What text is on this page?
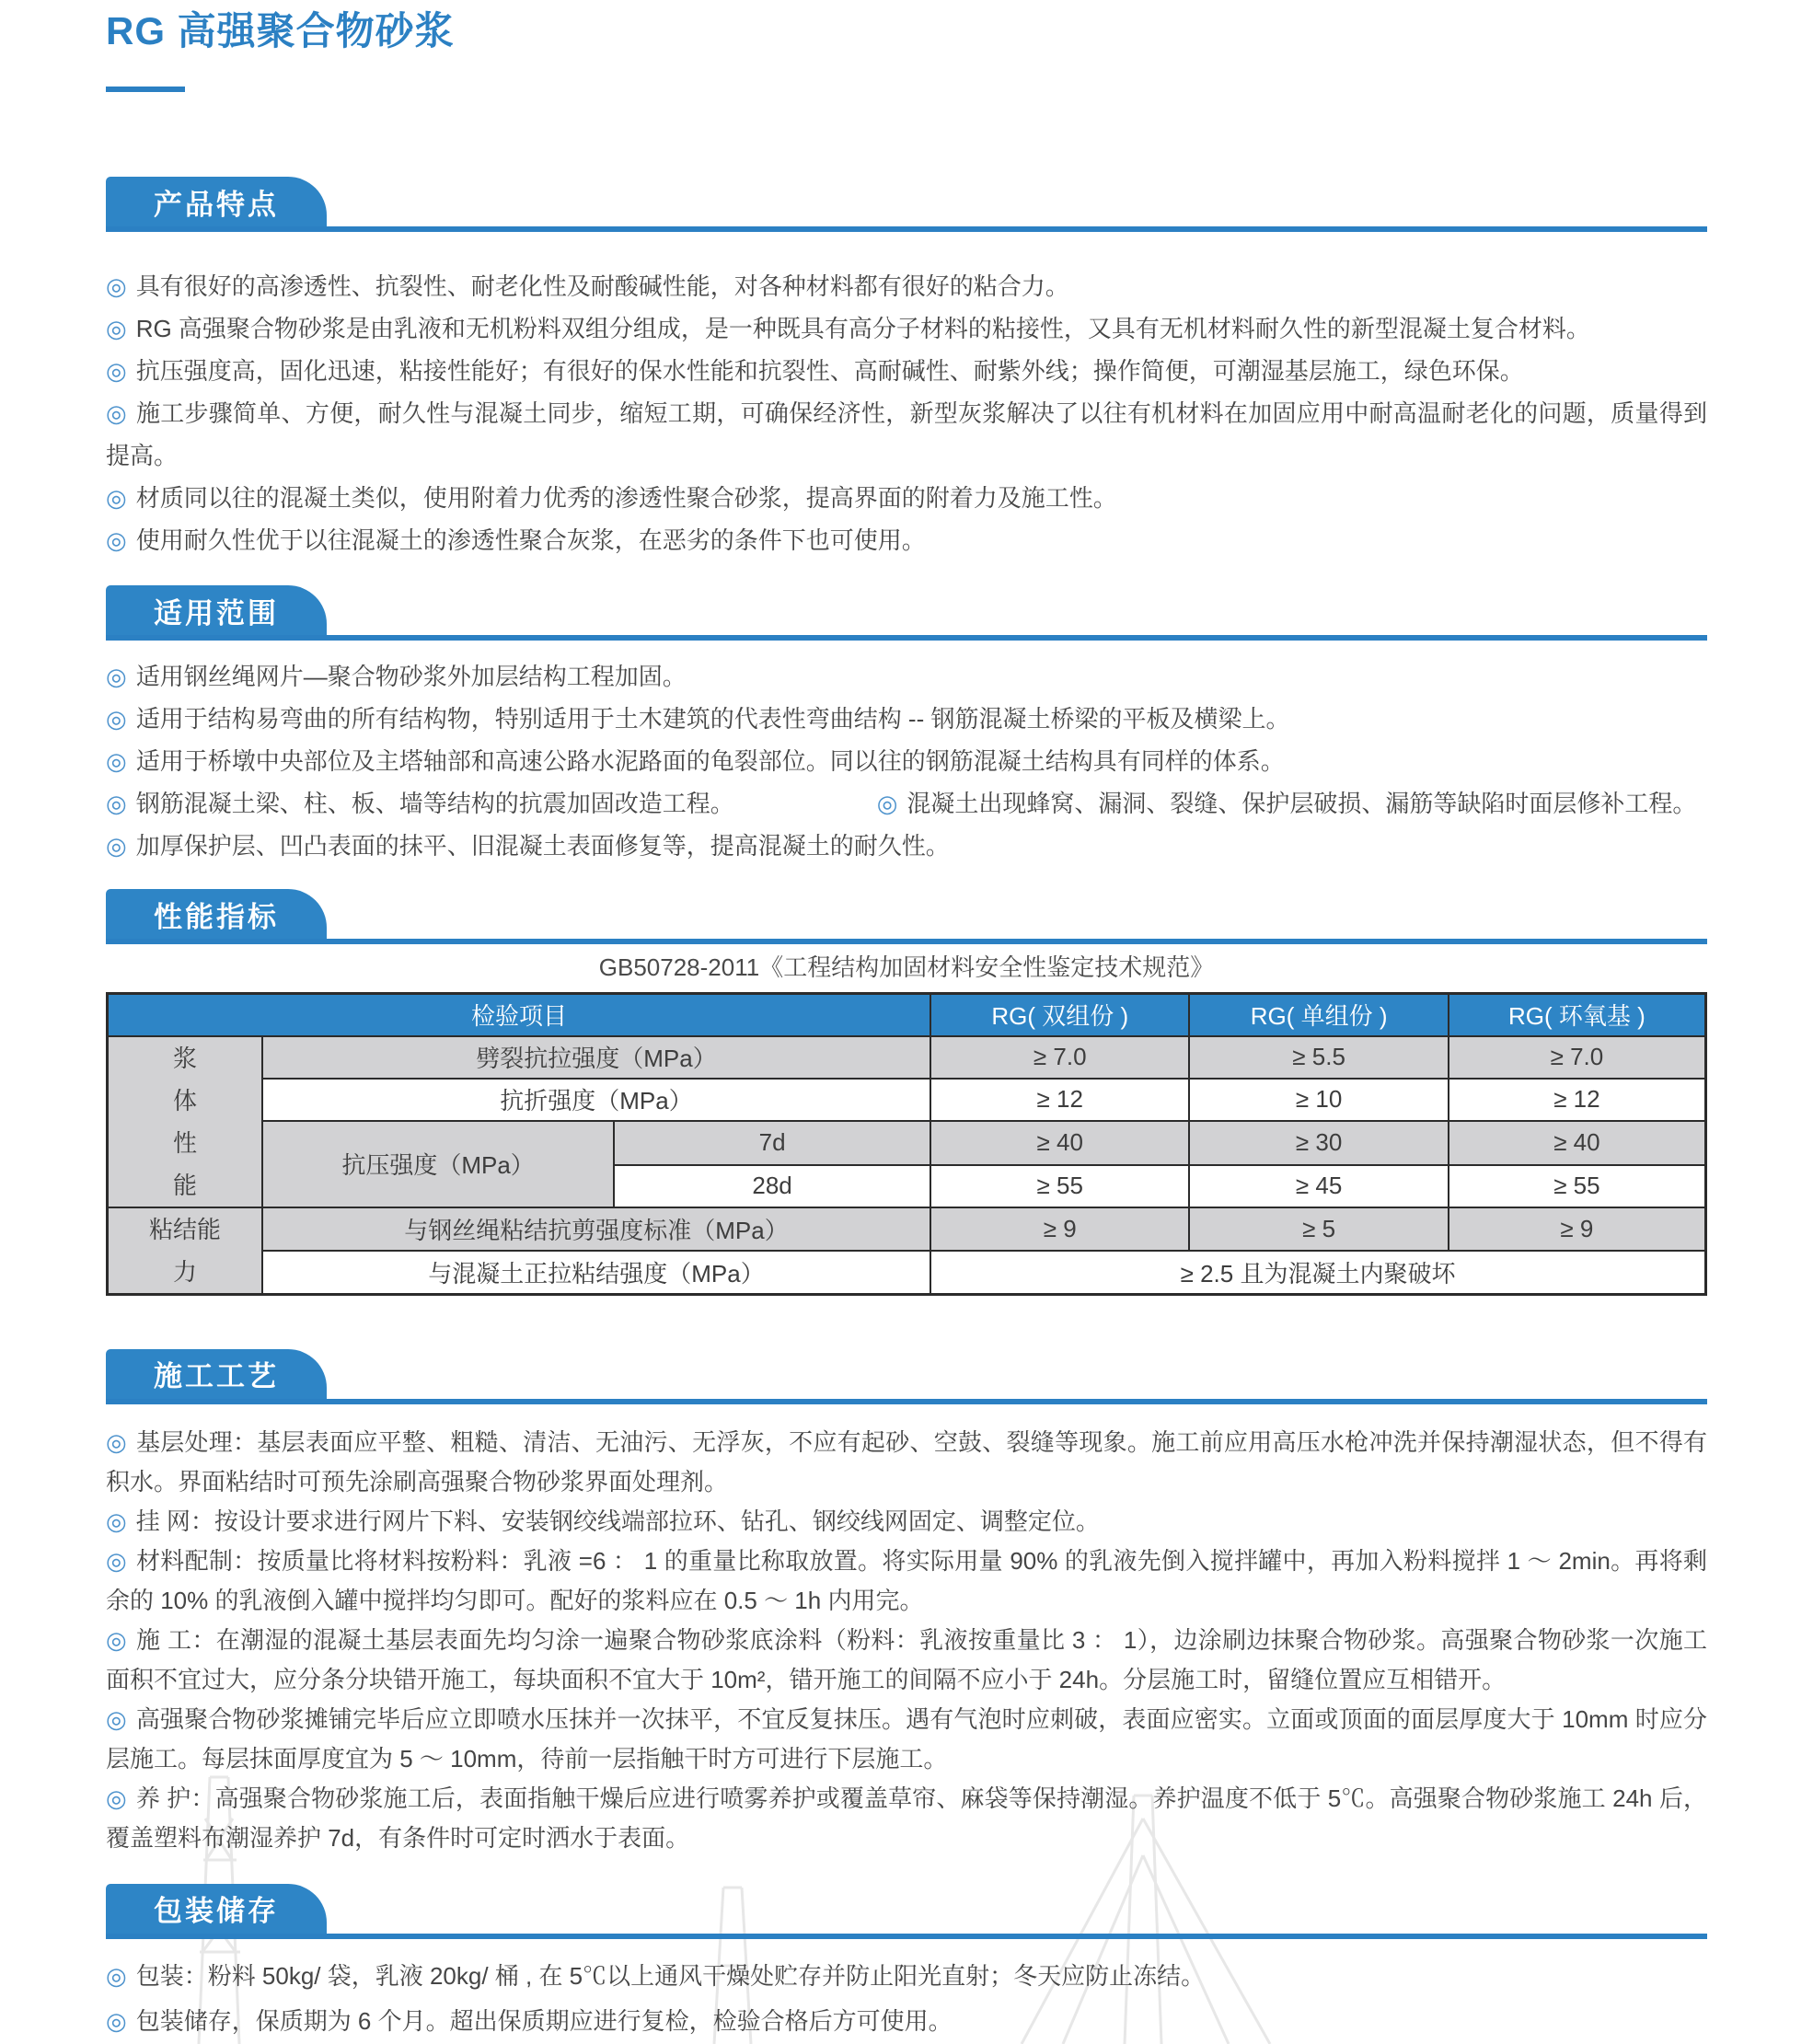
RG 高强聚合物砂浆
产品特点

◎ 具有很好的高渗透性、抗裂性、耐老化性及耐酸碱性能，对各种材料都有很好的粘合力。

◎ RG 高强聚合物砂浆是由乳液和无机粉料双组分组成，是一种既具有高分子材料的粘接性，又具有无机材料耐久性的新型混凝土复合材料。

◎ 抗压强度高，固化迅速，粘接性能好；有很好的保水性能和抗裂性、高耐碱性、耐紫外线；操作简便，可潮湿基层施工，绿色环保。

◎ 施工步骤简单、方便，耐久性与混凝土同步，缩短工期，可确保经济性，新型灰浆解决了以往有机材料在加固应用中耐高温耐老化的问题，质量得到提高。

◎ 材质同以往的混凝土类似，使用附着力优秀的渗透性聚合砂浆，提高界面的附着力及施工性。

◎ 使用耐久性优于以往混凝土的渗透性聚合灰浆，在恶劣的条件下也可使用。

适用范围

◎ 适用钢丝绳网片—聚合物砂浆外加层结构工程加固。

◎ 适用于结构易弯曲的所有结构物，特别适用于土木建筑的代表性弯曲结构 -- 钢筋混凝土桥梁的平板及横梁上。

◎ 适用于桥墩中央部位及主塔轴部和高速公路水泥路面的龟裂部位。同以往的钢筋混凝土结构具有同样的体系。

◎ 钢筋混凝土梁、柱、板、墙等结构的抗震加固改造工程。	◎ 混凝土出现蜂窝、漏洞、裂缝、保护层破损、漏筋等缺陷时面层修补工程。

◎ 加厚保护层、凹凸表面的抹平、旧混凝土表面修复等，提高混凝土的耐久性。

性能指标
GB50728-2011《工程结构加固材料安全性鉴定技术规范》
检验项目			RG( 双组份 )	RG( 单组份 )	RG( 环氧基 )
浆体性能	劈裂抗拉强度（MPa）		≥ 7.0	≥ 5.5	≥ 7.0
	抗折强度（MPa）		≥ 12	≥ 10	≥ 12
	抗压强度（MPa）	7d	≥ 40	≥ 30	≥ 40
		28d	≥ 55	≥ 45	≥ 55
粘结能力	与钢丝绳粘结抗剪强度标准（MPa）		≥ 9	≥ 5	≥ 9
	与混凝土正拉粘结强度（MPa）		≥ 2.5 且为混凝土内聚破坏		
施工工艺

◎ 基层处理：基层表面应平整、粗糙、清洁、无油污、无浮灰，不应有起砂、空鼓、裂缝等现象。施工前应用高压水枪冲洗并保持潮湿状态，但不得有积水。界面粘结时可预先涂刷高强聚合物砂浆界面处理剂。

◎ 挂 网：按设计要求进行网片下料、安装钢绞线端部拉环、钻孔、钢绞线网固定、调整定位。

◎ 材料配制：按质量比将材料按粉料：乳液 =6 ： 1 的重量比称取放置。将实际用量 90% 的乳液先倒入搅拌罐中，再加入粉料搅拌 1 ～ 2min。再将剩余的 10% 的乳液倒入罐中搅拌均匀即可。配好的浆料应在 0.5 ～ 1h 内用完。

◎ 施 工：在潮湿的混凝土基层表面先均匀涂一遍聚合物砂浆底涂料（粉料：乳液按重量比 3 ： 1），边涂刷边抹聚合物砂浆。高强聚合物砂浆一次施工面积不宜过大，应分条分块错开施工，每块面积不宜大于 10m²，错开施工的间隔不应小于 24h。分层施工时，留缝位置应互相错开。

◎ 高强聚合物砂浆摊铺完毕后应立即喷水压抹并一次抹平，不宜反复抹压。遇有气泡时应刺破，表面应密实。立面或顶面的面层厚度大于 10mm 时应分层施工。每层抹面厚度宜为 5 ～ 10mm，待前一层指触干时方可进行下层施工。

◎ 养 护：高强聚合物砂浆施工后，表面指触干燥后应进行喷雾养护或覆盖草帘、麻袋等保持潮湿。养护温度不低于 5℃。高强聚合物砂浆施工 24h 后，覆盖塑料布潮湿养护 7d，有条件时可定时洒水于表面。

包装储存

◎ 包装：粉料 50kg/ 袋，乳液 20kg/ 桶 , 在 5℃以上通风干燥处贮存并防止阳光直射；冬天应防止冻结。

◎ 包装储存，保质期为 6 个月。超出保质期应进行复检，检验合格后方可使用。
